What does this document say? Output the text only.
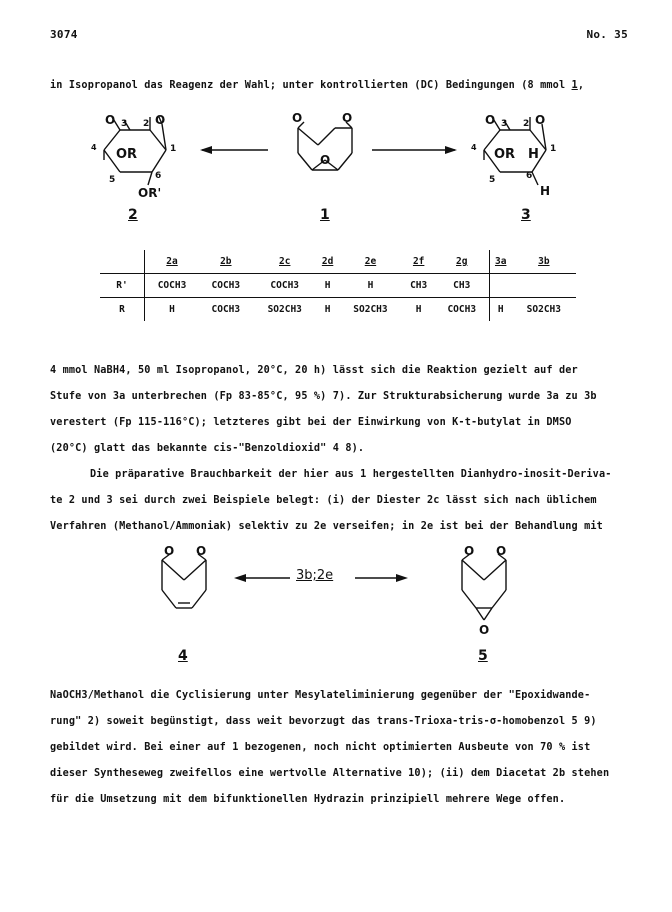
3074	No. 35
in Isopropanol das Reagenz der Wahl; unter kontrollierten (DC) Bedingungen (8 mmol 1,
O 3 2 O
4 OR	1
5	6
OR'
O	O
O
O 3 2 O
4 OR H 1
5	6
H
2	1	3
	2a	2b	2c	2d	2e	2f	2g	3a	3b
R'	COCH3	COCH3	COCH3	H	H	CH3	CH3		
R	H	COCH3	SO2CH3	H	SO2CH3	H	COCH3	H	SO2CH3
4 mmol NaBH4, 50 ml Isopropanol, 20°C, 20 h) lässt sich die Reaktion gezielt auf der
Stufe von 3a unterbrechen (Fp 83-85°C, 95 %) 7). Zur Strukturabsicherung wurde 3a zu 3b
verestert (Fp 115-116°C); letzteres gibt bei der Einwirkung von K-t-butylat in DMSO
(20°C) glatt das bekannte cis-"Benzoldioxid" 4 8).
Die präparative Brauchbarkeit der hier aus 1 hergestellten Dianhydro-inosit-Deriva-
te 2 und 3 sei durch zwei Beispiele belegt: (i) der Diester 2c lässt sich nach üblichem
Verfahren (Methanol/Ammoniak) selektiv zu 2e verseifen; in 2e ist bei der Behandlung mit
O O	O O
O
3b;2e
4	5
NaOCH3/Methanol die Cyclisierung unter Mesylateliminierung gegenüber der "Epoxidwande-
rung" 2) soweit begünstigt, dass weit bevorzugt das trans-Trioxa-tris-σ-homobenzol 5 9)
gebildet wird. Bei einer auf 1 bezogenen, noch nicht optimierten Ausbeute von 70 % ist
dieser Syntheseweg zweifellos eine wertvolle Alternative 10); (ii) dem Diacetat 2b stehen
für die Umsetzung mit dem bifunktionellen Hydrazin prinzipiell mehrere Wege offen.
